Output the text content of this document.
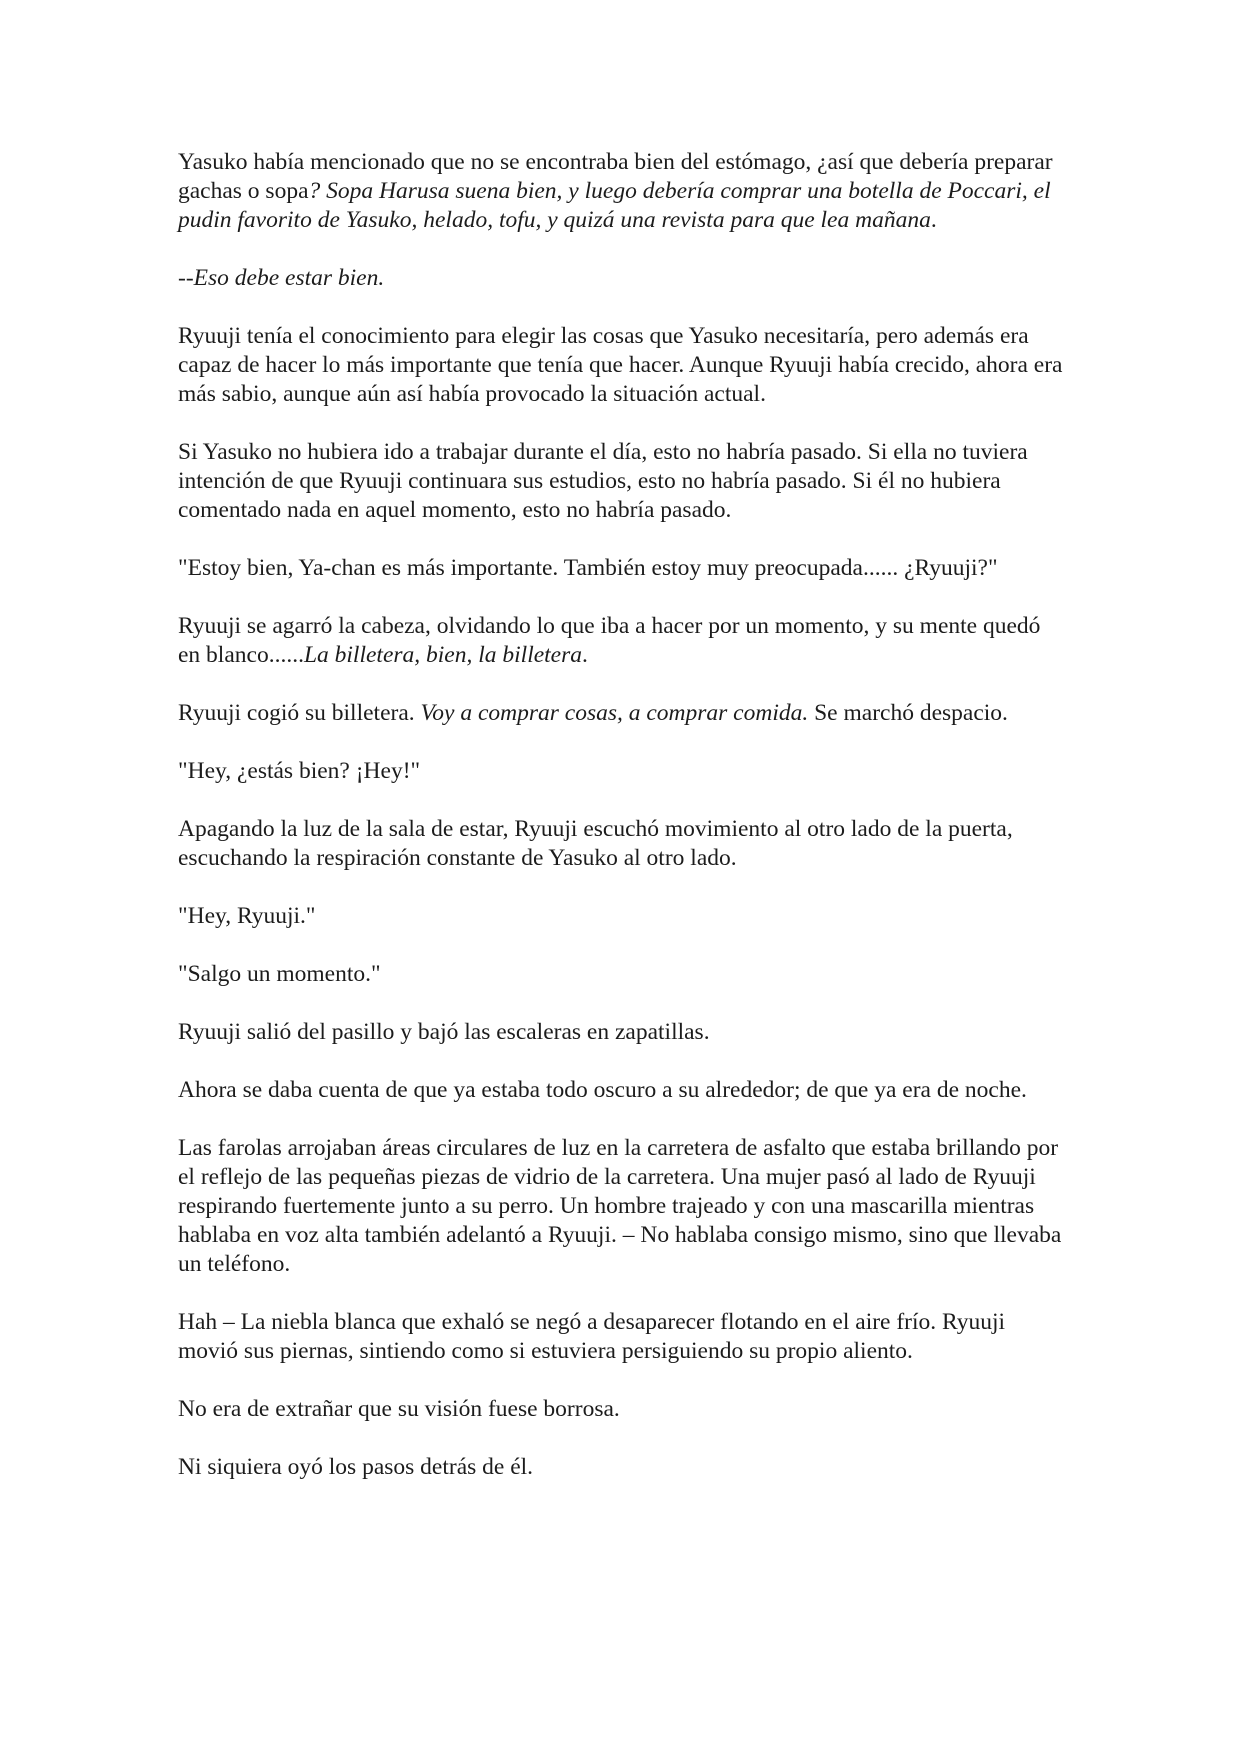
Yasuko había mencionado que no se encontraba bien del estómago, ¿así que debería preparar gachas o sopa? Sopa Harusa suena bien, y luego debería comprar una botella de Poccari, el pudin favorito de Yasuko, helado, tofu, y quizá una revista para que lea mañana.

--Eso debe estar bien.

Ryuuji tenía el conocimiento para elegir las cosas que Yasuko necesitaría, pero además era capaz de hacer lo más importante que tenía que hacer. Aunque Ryuuji había crecido, ahora era más sabio, aunque aún así había provocado la situación actual.

Si Yasuko no hubiera ido a trabajar durante el día, esto no habría pasado. Si ella no tuviera intención de que Ryuuji continuara sus estudios, esto no habría pasado. Si él no hubiera comentado nada en aquel momento, esto no habría pasado.

"Estoy bien, Ya-chan es más importante. También estoy muy preocupada...... ¿Ryuuji?"

Ryuuji se agarró la cabeza, olvidando lo que iba a hacer por un momento, y su mente quedó en blanco......La billetera, bien, la billetera.

Ryuuji cogió su billetera. Voy a comprar cosas, a comprar comida. Se marchó despacio.

"Hey, ¿estás bien? ¡Hey!"

Apagando la luz de la sala de estar, Ryuuji escuchó movimiento al otro lado de la puerta, escuchando la respiración constante de Yasuko al otro lado.

"Hey, Ryuuji."

"Salgo un momento."

Ryuuji salió del pasillo y bajó las escaleras en zapatillas.

Ahora se daba cuenta de que ya estaba todo oscuro a su alrededor; de que ya era de noche.

Las farolas arrojaban áreas circulares de luz en la carretera de asfalto que estaba brillando por el reflejo de las pequeñas piezas de vidrio de la carretera. Una mujer pasó al lado de Ryuuji respirando fuertemente junto a su perro. Un hombre trajeado y con una mascarilla mientras hablaba en voz alta también adelantó a Ryuuji. – No hablaba consigo mismo, sino que llevaba un teléfono.

Hah – La niebla blanca que exhaló se negó a desaparecer flotando en el aire frío. Ryuuji movió sus piernas, sintiendo como si estuviera persiguiendo su propio aliento.

No era de extrañar que su visión fuese borrosa.

Ni siquiera oyó los pasos detrás de él.
